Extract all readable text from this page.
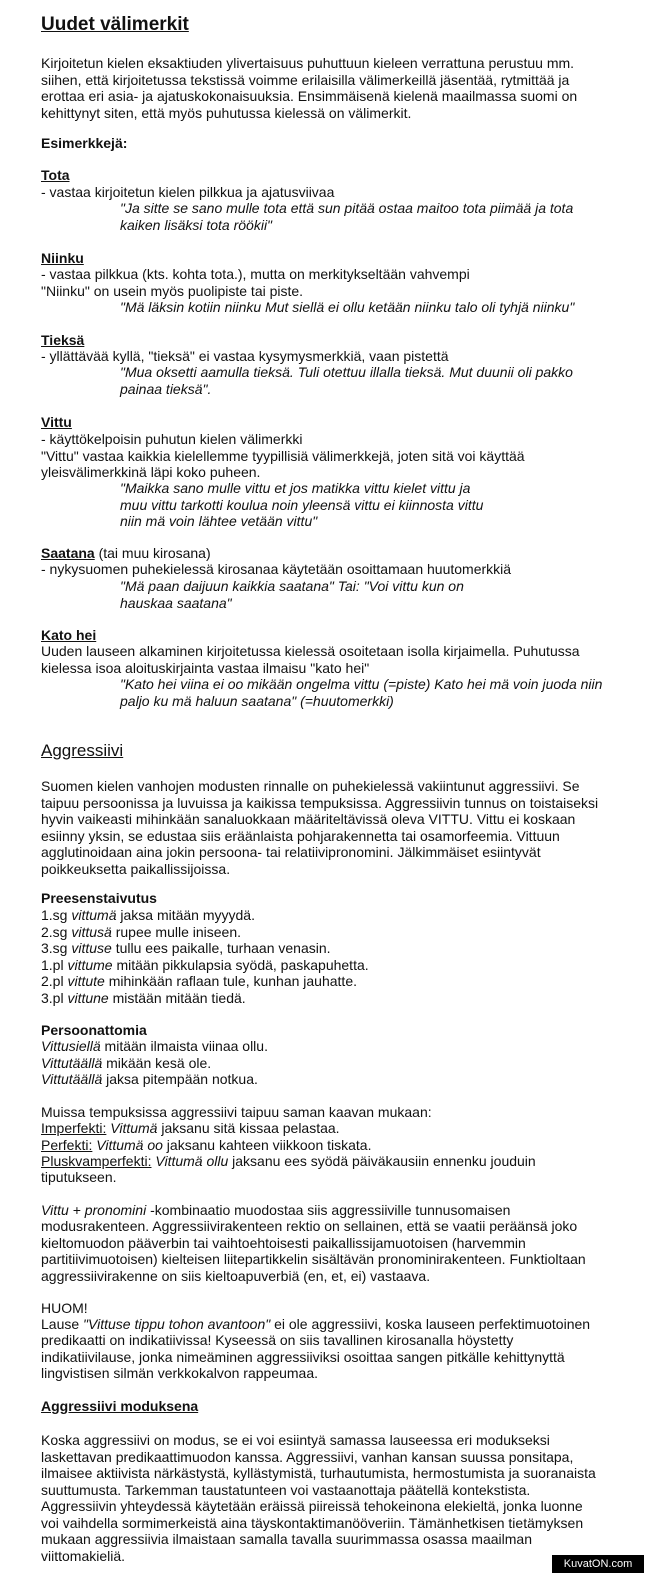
Uudet välimerkit
Kirjoitetun kielen eksaktiuden ylivertaisuus puhuttuun kieleen verrattuna perustuu mm.
siihen, että kirjoitetussa tekstissä voimme erilaisilla välimerkeillä jäsentää, rytmittää ja
erottaa eri asia- ja ajatuskokonaisuuksia. Ensimmäisenä kielenä maailmassa suomi on
kehittynyt siten, että myös puhutussa kielessä on välimerkit.
Esimerkkejä:
Tota
- vastaa kirjoitetun kielen pilkkua ja ajatusviivaa
"Ja sitte se sano mulle tota että sun pitää ostaa maitoo tota piimää ja tota
kaiken lisäksi tota röökii"
Niinku
- vastaa pilkkua (kts. kohta tota.), mutta on merkitykseltään vahvempi
"Niinku" on usein myös puolipiste tai piste.
"Mä läksin kotiin niinku Mut siellä ei ollu ketään niinku talo oli tyhjä niinku"
Tieksä
- yllättävää kyllä, "tieksä" ei vastaa kysymysmerkkiä, vaan pistettä
"Mua oksetti aamulla tieksä. Tuli otettuu illalla tieksä. Mut duunii oli pakko
painaa tieksä".
Vittu
- käyttökelpoisin puhutun kielen välimerkki
"Vittu" vastaa kaikkia kielellemme tyypillisiä välimerkkejä, joten sitä voi käyttää
yleisvälimerkkinä läpi koko puheen.
"Maikka sano mulle vittu et jos matikka vittu kielet vittu ja
muu vittu tarkotti koulua noin yleensä vittu ei kiinnosta vittu
niin mä voin lähtee vetään vittu"
Saatana (tai muu kirosana)
- nykysuomen puhekielessä kirosanaa käytetään osoittamaan huutomerkkiä
"Mä paan daijuun kaikkia saatana" Tai: "Voi vittu kun on
hauskaa saatana"
Kato hei
Uuden lauseen alkaminen kirjoitetussa kielessä osoitetaan isolla kirjaimella. Puhutussa
kielessa isoa aloituskirjainta vastaa ilmaisu "kato hei"
"Kato hei viina ei oo mikään ongelma vittu (=piste) Kato hei mä voin juoda niin
paljo ku mä haluun saatana" (=huutomerkki)
Aggressiivi
Suomen kielen vanhojen modusten rinnalle on puhekielessä vakiintunut aggressiivi. Se
taipuu persoonissa ja luvuissa ja kaikissa tempuksissa. Aggressiivin tunnus on toistaiseksi
hyvin vaikeasti mihinkään sanaluokkaan määriteltävissä oleva VITTU. Vittu ei koskaan
esiinny yksin, se edustaa siis eräänlaista pohjarakennetta tai osamorfeemia. Vittuun
agglutinoidaan aina jokin persoona- tai relatiivipronomini. Jälkimmäiset esiintyvät
poikkeuksetta paikallissijoissa.
Preesenstaivutus
1.sg vittumä jaksa mitään myyydä.
2.sg vittusä rupee mulle iniseen.
3.sg vittuse tullu ees paikalle, turhaan venasin.
1.pl vittume mitään pikkulapsia syödä, paskapuhetta.
2.pl vittute mihinkään raflaan tule, kunhan jauhatte.
3.pl vittune mistään mitään tiedä.
Persoonattomia
Vittusiellä mitään ilmaista viinaa ollu.
Vittutäällä mikään kesä ole.
Vittutäällä jaksa pitempään notkua.
Muissa tempuksissa aggressiivi taipuu saman kaavan mukaan:
Imperfekti: Vittumä jaksanu sitä kissaa pelastaa.
Perfekti: Vittumä oo jaksanu kahteen viikkoon tiskata.
Pluskvamperfekti: Vittumä ollu jaksanu ees syödä päiväkausiin ennenku jouduin
tiputukseen.
Vittu + pronomini -kombinaatio muodostaa siis aggressiiville tunnusomaisen
modusrakenteen. Aggressiivirakenteen rektio on sellainen, että se vaatii peräänsä joko
kieltomuodon pääverbin tai vaihtoehtoisesti paikallissijamuotoisen (harvemmin
partitiivimuotoisen) kielteisen liitepartikkelin sisältävän pronominirakenteen. Funktioltaan
aggressiivirakenne on siis kieltoapuverbiä (en, et, ei) vastaava.
HUOM!
Lause "Vittuse tippu tohon avantoon" ei ole aggressiivi, koska lauseen perfektimuotoinen
predikaatti on indikatiivissa! Kyseessä on siis tavallinen kirosanalla höystetty
indikatiivilause, jonka nimeäminen aggressiiviksi osoittaa sangen pitkälle kehittynyttä
lingvistisen silmän verkkokalvon rappeumaa.
Aggressiivi moduksena
Koska aggressiivi on modus, se ei voi esiintyä samassa lauseessa eri modukseksi
laskettavan predikaattimuodon kanssa. Aggressiivi, vanhan kansan suussa ponsitapa,
ilmaisee aktiivista närkästystä, kyllästymistä, turhautumista, hermostumista ja suoranaista
suuttumusta. Tarkemman taustatunteen voi vastaanottaja päätellä kontekstista.
Aggressiivin yhteydessä käytetään eräissä piireissä tehokeinona elekieltä, jonka luonne
voi vaihdella sormimerkeistä aina täyskontaktimanööveriin. Tämänhetkisen tietämyksen
mukaan aggressiivia ilmaistaan samalla tavalla suurimmassa osassa maailman
viittomakieliä.
KuvatON.com
